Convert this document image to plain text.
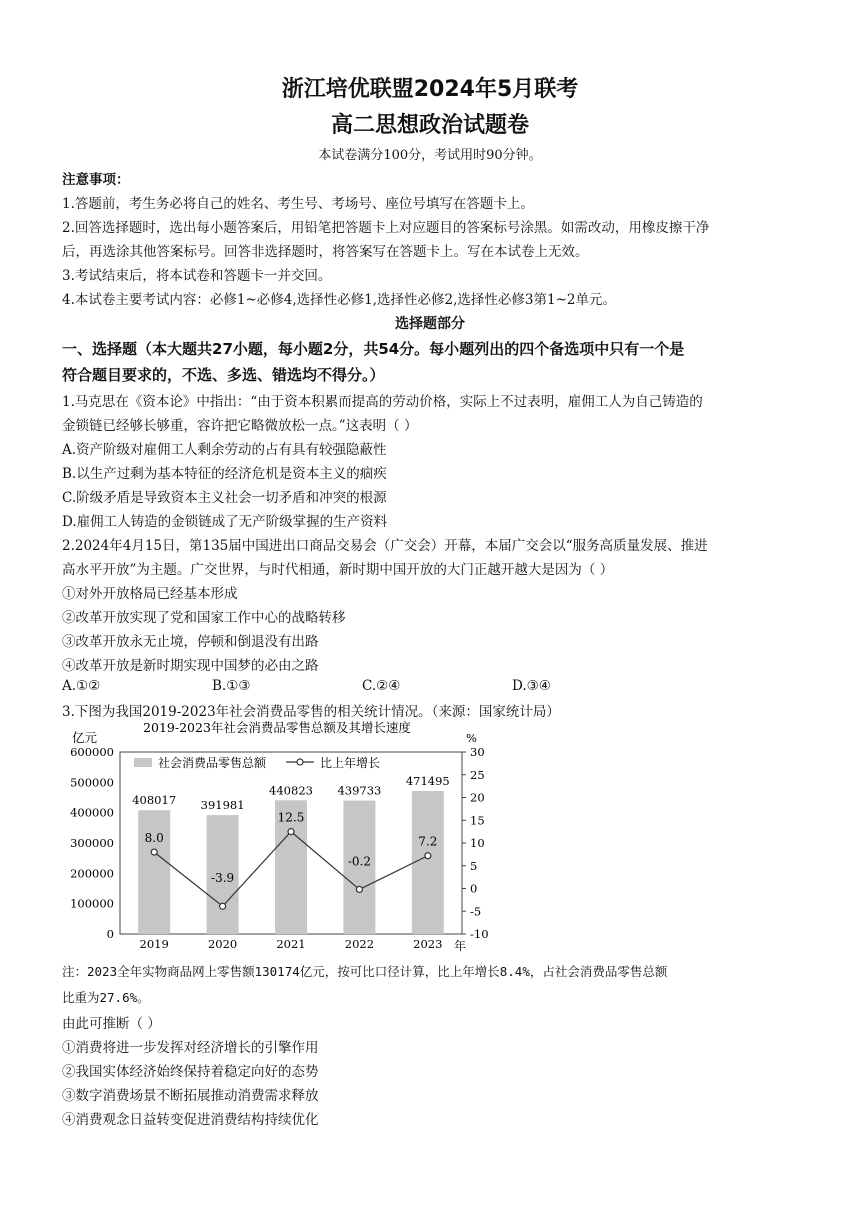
浙江培优联盟2024年5月联考
高二思想政治试题卷
本试卷满分100分，考试用时90分钟。
注意事项：
1.答题前，考生务必将自己的姓名、考生号、考场号、座位号填写在答题卡上。
2.回答选择题时，选出每小题答案后，用铅笔把答题卡上对应题目的答案标号涂黑。如需改动，用橡皮擦干净
后，再选涂其他答案标号。回答非选择题时，将答案写在答题卡上。写在本试卷上无效。
3.考试结束后，将本试卷和答题卡一并交回。
4.本试卷主要考试内容：必修1~必修4,选择性必修1,选择性必修2,选择性必修3第1~2单元。
选择题部分
一、选择题（本大题共27小题，每小题2分，共54分。每小题列出的四个备选项中只有一个是
符合题目要求的，不选、多选、错选均不得分。）
1.马克思在《资本论》中指出：“由于资本积累而提高的劳动价格，实际上不过表明，雇佣工人为自己铸造的
金锁链已经够长够重，容许把它略微放松一点。”这表明（ ）
A.资产阶级对雇佣工人剩余劳动的占有具有较强隐蔽性
B.以生产过剩为基本特征的经济危机是资本主义的痼疾
C.阶级矛盾是导致资本主义社会一切矛盾和冲突的根源
D.雇佣工人铸造的金锁链成了无产阶级掌握的生产资料
2.2024年4月15日，第135届中国进出口商品交易会（广交会）开幕，本届广交会以“服务高质量发展、推进
高水平开放”为主题。广交世界，与时代相通，新时期中国开放的大门正越开越大是因为（ ）
①对外开放格局已经基本形成
②改革开放实现了党和国家工作中心的战略转移
③改革开放永无止境，停顿和倒退没有出路
④改革开放是新时期实现中国梦的必由之路
A.①②	B.①③	C.②④	D.③④
3.下图为我国2019-2023年社会消费品零售的相关统计情况。（来源：国家统计局）
2019-2023年社会消费品零售总额及其增长速度
亿元	%
年
社会消费品零售总额	比上年增长
600000
500000
400000
300000
200000
100000
0
30
25
20
15
10
5
0
-5
-10
408017
2019
391981
2020
440823
2021
439733
2022
471495
2023
8.0
-3.9
12.5
-0.2
7.2
注：2023全年实物商品网上零售额130174亿元，按可比口径计算，比上年增长8.4%，占社会消费品零售总额
比重为27.6%。
由此可推断（ ）
①消费将进一步发挥对经济增长的引擎作用
②我国实体经济始终保持着稳定向好的态势
③数字消费场景不断拓展推动消费需求释放
④消费观念日益转变促进消费结构持续优化
